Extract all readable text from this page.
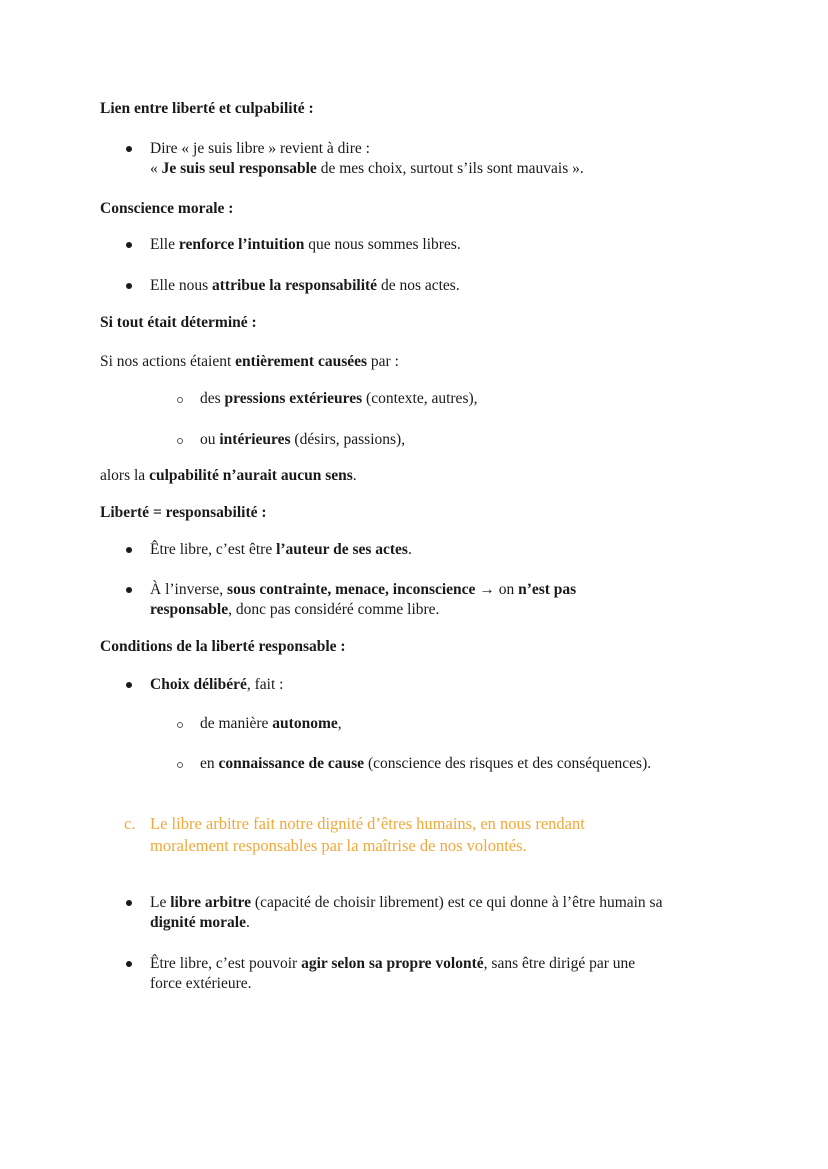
Lien entre liberté et culpabilité :
Dire « je suis libre » revient à dire :
« Je suis seul responsable de mes choix, surtout s’ils sont mauvais ».
Conscience morale :
Elle renforce l’intuition que nous sommes libres.
Elle nous attribue la responsabilité de nos actes.
Si tout était déterminé :
Si nos actions étaient entièrement causées par :
des pressions extérieures (contexte, autres),
ou intérieures (désirs, passions),
alors la culpabilité n’aurait aucun sens.
Liberté = responsabilité :
Être libre, c’est être l’auteur de ses actes.
À l’inverse, sous contrainte, menace, inconscience → on n’est pas
responsable, donc pas considéré comme libre.
Conditions de la liberté responsable :
Choix délibéré, fait :
de manière autonome,
en connaissance de cause (conscience des risques et des conséquences).
c. Le libre arbitre fait notre dignité d’êtres humains, en nous rendant
moralement responsables par la maîtrise de nos volontés.
Le libre arbitre (capacité de choisir librement) est ce qui donne à l’être humain sa
dignité morale.
Être libre, c’est pouvoir agir selon sa propre volonté, sans être dirigé par une
force extérieure.
